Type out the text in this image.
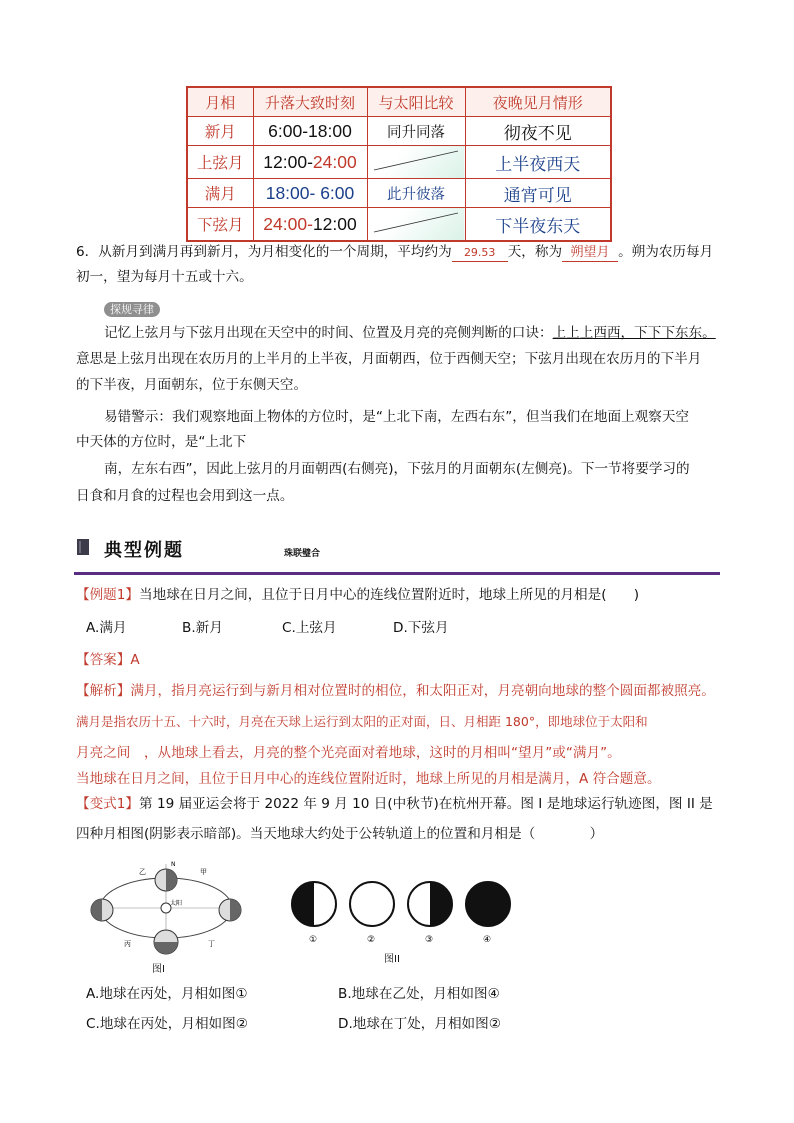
月相	升落大致时刻	与太阳比较	夜晚见月情形
新月	6:00-18:00	同升同落	彻夜不见
上弦月	12:00-24:00		上半夜西天
满月	18:00- 6:00	此升彼落	通宵可见
下弦月	24:00-12:00		下半夜东天
6．从新月到满月再到新月，为月相变化的一个周期，平均约为 29.53 天，称为 朔望月 。朔为农历每月
初一，望为每月十五或十六。
探规寻律
记忆上弦月与下弦月出现在天空中的时间、位置及月亮的亮侧判断的口诀：上上上西西，下下下东东。
意思是上弦月出现在农历月的上半月的上半夜，月面朝西，位于西侧天空；下弦月出现在农历月的下半月
的下半夜，月面朝东，位于东侧天空。
易错警示：我们观察地面上物体的方位时，是“上北下南，左西右东”，但当我们在地面上观察天空
中天体的方位时，是“上北下
南，左东右西”，因此上弦月的月面朝西(右侧亮)，下弦月的月面朝东(左侧亮)。下一节将要学习的
日食和月食的过程也会用到这一点。
典型例题	珠联璧合
【例题1】当地球在日月之间，且位于日月中心的连线位置附近时，地球上所见的月相是(　　)
A.满月	B.新月	C.上弦月	D.下弦月
【答案】A
【解析】满月，指月亮运行到与新月相对位置时的相位，和太阳正对，月亮朝向地球的整个圆面都被照亮。
满月是指农历十五、十六时，月亮在天球上运行到太阳的正对面，日、月相距 180°，即地球位于太阳和
月亮之间　，从地球上看去，月亮的整个光亮面对着地球，这时的月相叫“望月”或“满月”。
当地球在日月之间，且位于日月中心的连线位置附近时，地球上所见的月相是满月，A 符合题意。
【变式1】第 19 届亚运会将于 2022 年 9 月 10 日(中秋节)在杭州开幕。图 I 是地球运行轨迹图，图 II 是
四种月相图(阴影表示暗部)。当天地球大约处于公转轨道上的位置和月相是（　　　　）
乙	甲
丙	丁
N
太阳
图I
①	②	③	④
图II
A.地球在丙处，月相如图①	B.地球在乙处，月相如图④
C.地球在丙处，月相如图②	D.地球在丁处，月相如图②
